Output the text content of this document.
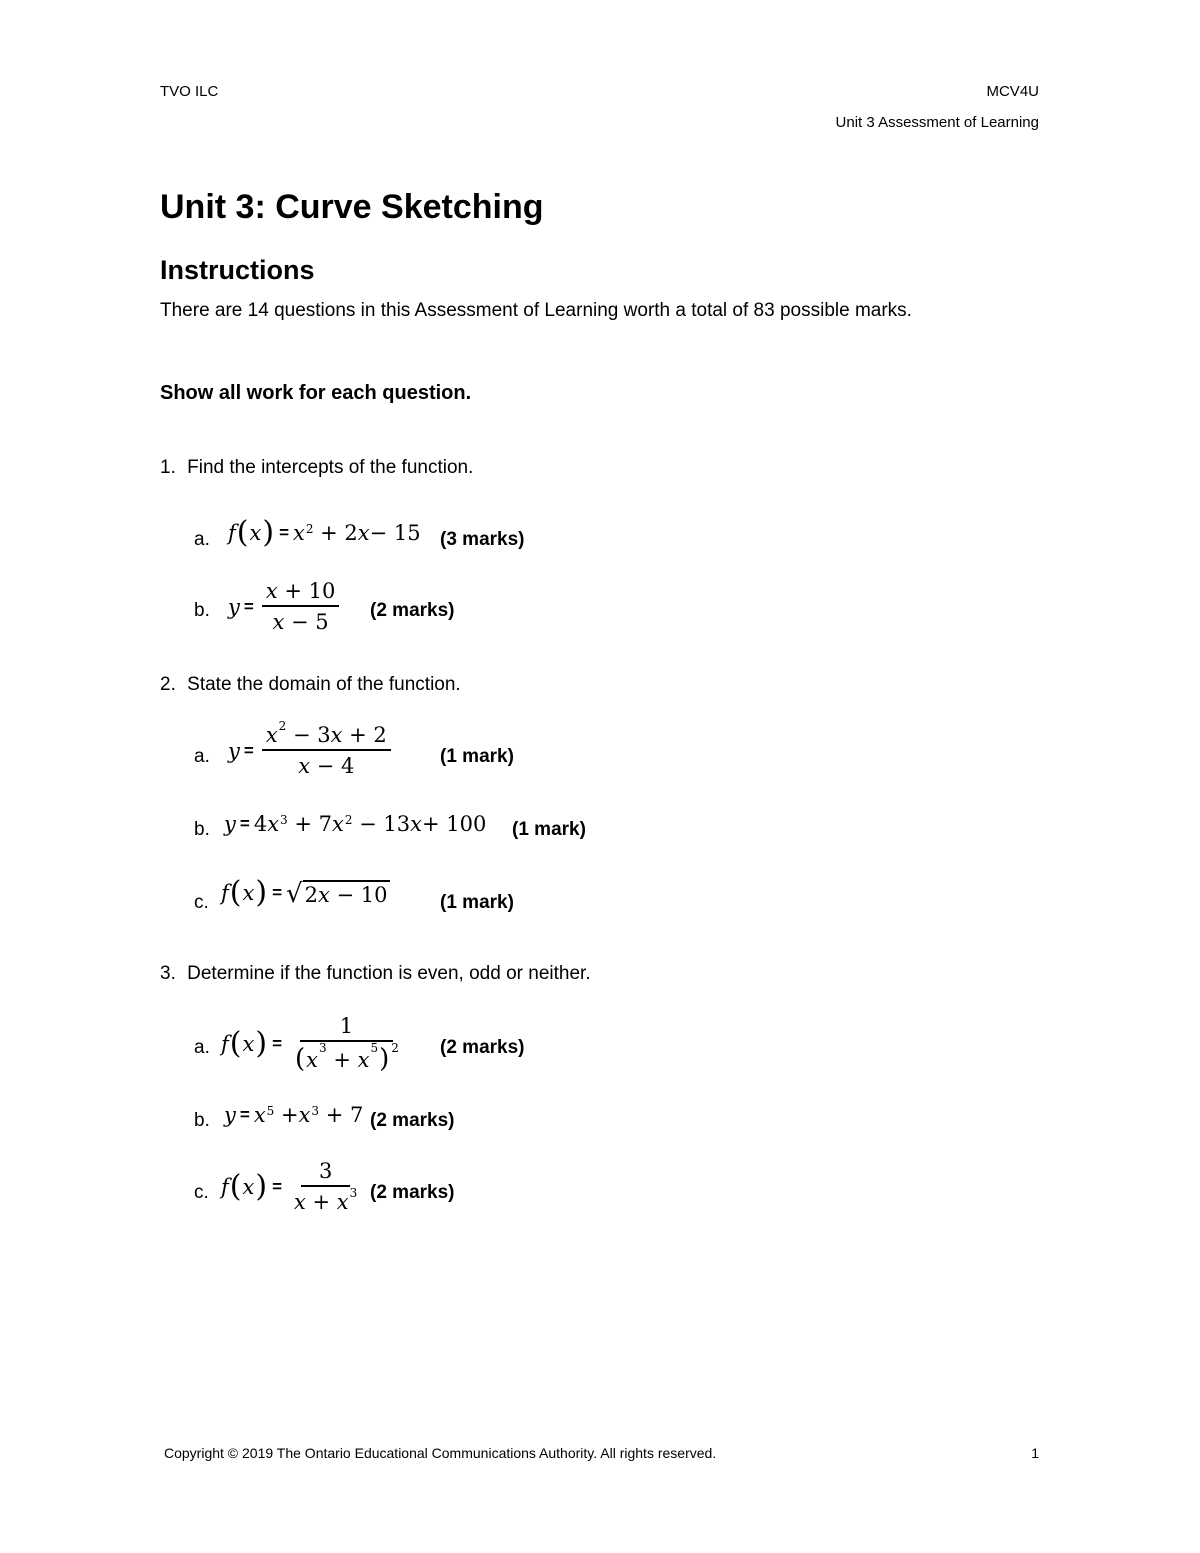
TVO ILC	MCV4U
Unit 3 Assessment of Learning
Unit 3: Curve Sketching
Instructions
There are 14 questions in this Assessment of Learning worth a total of 83 possible marks.
Show all work for each question.
1. Find the intercepts of the function.
a. f ( x ) = $x^2 + 2$ x − 15 (3 marks)
b. $y = \frac{x + 10}{x - 5} (2$ marks)
2. State the domain of the function.
a. $y = \frac{x^2 - 3x + 2}{x - 4}$	(1 mark)
b. y = 4 $x^3 + 7$ $x^2 - 13$ x + 100 (1 mark)
c. f ( x ) = √ 2x − 10	(1 mark)
3. Determine if the function is even, odd or neither.
a. f ( x ) = $\frac{1}{(x^3 + x^5) ^2} (2$ marks)
b. $y = x^5 + x^3 + 7$ (2 marks)
c. f ( x ) = $\frac{3}{x + x^3} (2$ marks)
Copyright © 2019 The Ontario Educational Communications Authority. All rights reserved.	1
